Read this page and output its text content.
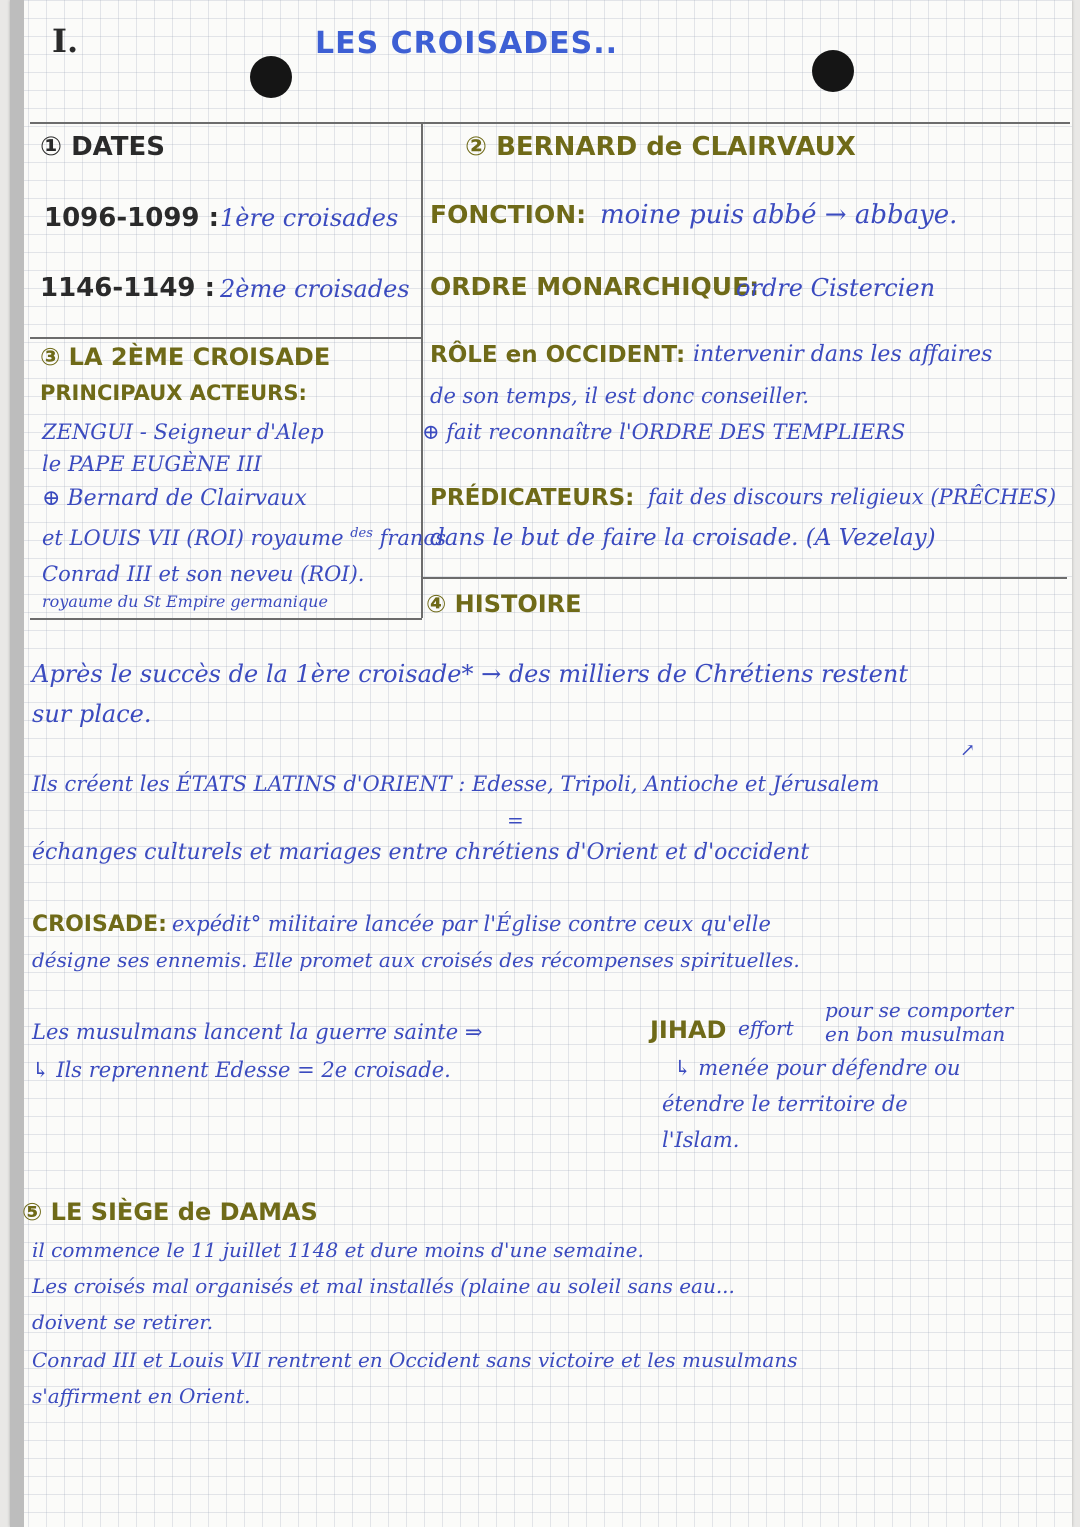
I.	LES CROISADES..
① DATES
1096-1099 : 1ère croisades
1146-1149 : 2ème croisades
② BERNARD de CLAIRVAUX
FONCTION: moine puis abbé → abbaye.
ORDRE MONARCHIQUE:
ordre Cistercien
RÔLE en OCCIDENT: intervenir dans les affaires
de son temps, il est donc conseiller.
⊕ fait reconnaître l'ORDRE DES TEMPLIERS
PRÉDICATEURS: fait des discours religieux (PRÊCHES)
dans le but de faire la croisade. (A Vezelay)
③ LA 2ÈME CROISADE
PRINCIPAUX ACTEURS:
ZENGUI - Seigneur d'Alep
le PAPE EUGÈNE III
⊕ Bernard de Clairvaux
et LOUIS VII (ROI) royaume $^{des}$ francs
Conrad III et son neveu (ROI).
royaume du St Empire germanique	④ HISTOIRE
Après le succès de la 1ère croisade* → des milliers de Chrétiens restent
sur place.
↗
Ils créent les ÉTATS LATINS d'ORIENT : Edesse, Tripoli, Antioche et Jérusalem
=
échanges culturels et mariages entre chrétiens d'Orient et d'occident
CROISADE: expédit° militaire lancée par l'Église contre ceux qu'elle
désigne ses ennemis. Elle promet aux croisés des récompenses spirituelles.
Les musulmans lancent la guerre sainte ⇒	JIHAD effort
pour se comporter
en bon musulman
↳ Ils reprennent Edesse = 2e croisade.	↳ menée pour défendre ou
étendre le territoire de
l'Islam.
⑤ LE SIÈGE de DAMAS
il commence le 11 juillet 1148 et dure moins d'une semaine.
Les croisés mal organisés et mal installés (plaine au soleil sans eau...
doivent se retirer.
Conrad III et Louis VII rentrent en Occident sans victoire et les musulmans
s'affirment en Orient.
